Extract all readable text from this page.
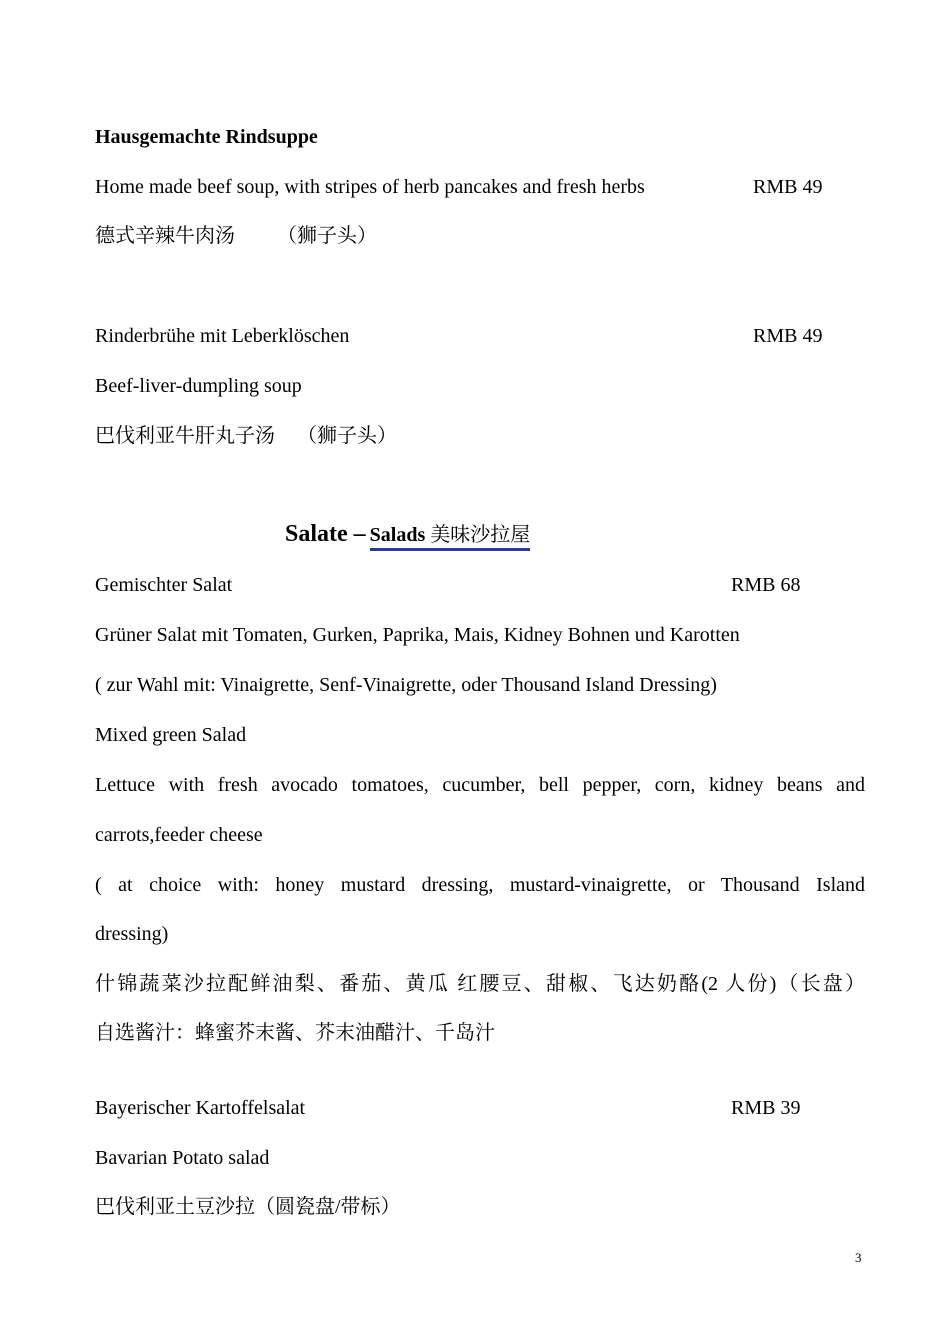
Hausgemachte Rindsuppe
Home made beef soup, with stripes of herb pancakes and fresh herbs	RMB 49
德式辛辣牛肉汤 （狮子头）
Rinderbrühe mit Leberklöschen	RMB 49
Beef-liver-dumpling soup
巴伐利亚牛肝丸子汤 （狮子头）
Salate – Salads 美味沙拉屋
Gemischter Salat	RMB 68
Grüner Salat mit Tomaten, Gurken, Paprika, Mais, Kidney Bohnen und Karotten
( zur Wahl mit: Vinaigrette, Senf-Vinaigrette, oder Thousand Island Dressing)
Mixed green Salad
Lettuce with fresh avocado tomatoes, cucumber, bell pepper, corn, kidney beans and
carrots,feeder cheese
( at choice with: honey mustard dressing, mustard-vinaigrette, or Thousand Island
dressing)
什锦蔬菜沙拉配鲜油梨、番茄、黄瓜 红腰豆、甜椒、飞达奶酪(2 人份)（长盘）
自选酱汁：蜂蜜芥末酱、芥末油醋汁、千岛汁
Bayerischer Kartoffelsalat	RMB 39
Bavarian Potato salad
巴伐利亚土豆沙拉（圆瓷盘/带标）
3
